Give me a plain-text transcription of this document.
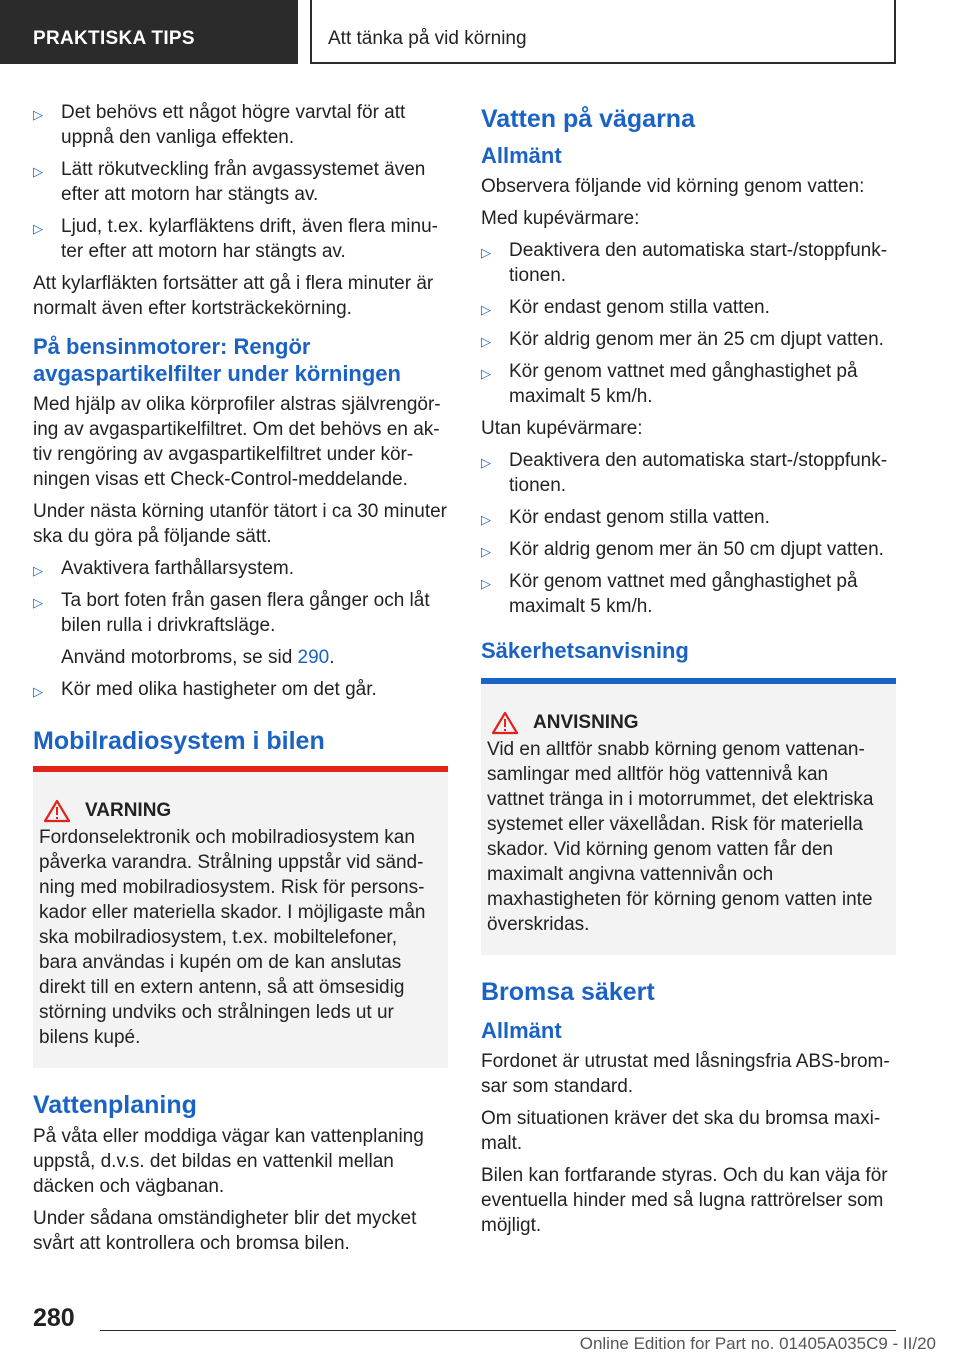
PRAKTISKA TIPS	Att tänka på vid körning
▷ Det behövs ett något högre varvtal för att uppnå den vanliga effekten.
▷ Lätt rökutveckling från avgassystemet även efter att motorn har stängts av.
▷ Ljud, t.ex. kylarfläktens drift, även flera minuter efter att motorn har stängts av.

Att kylarfläkten fortsätter att gå i flera minuter är normalt även efter kortsträckekörning.

På bensinmotorer: Rengör avgaspartikelfilter under körningen

Med hjälp av olika körprofiler alstras självrengöring av avgaspartikelfiltret. Om det behövs en aktiv rengöring av avgaspartikelfiltret under körningen visas ett Check-Control-meddelande.

Under nästa körning utanför tätort i ca 30 minuter ska du göra på följande sätt.

▷ Avaktivera farthållarsystem.
▷ Ta bort foten från gasen flera gånger och låt bilen rulla i drivkraftsläge.
Använd motorbroms, se sid 290.
▷ Kör med olika hastigheter om det går.
Mobilradiosystem i bilen
VARNING

Fordonselektronik och mobilradiosystem kan påverka varandra. Strålning uppstår vid sändning med mobilradiosystem. Risk för personskador eller materiella skador. I möjligaste mån ska mobilradiosystem, t.ex. mobiltelefoner, bara användas i kupén om de kan anslutas direkt till en extern antenn, så att ömsesidig störning undviks och strålningen leds ut ur bilens kupé.

Vattenplaning

På våta eller moddiga vägar kan vattenplaning uppstå, d.v.s. det bildas en vattenkil mellan däcken och vägbanan.

Under sådana omständigheter blir det mycket svårt att kontrollera och bromsa bilen.

Vatten på vägarna
Allmänt

Observera följande vid körning genom vatten:

Med kupévärmare:

▷ Deaktivera den automatiska start-/stoppfunktionen.
▷ Kör endast genom stilla vatten.
▷ Kör aldrig genom mer än 25 cm djupt vatten.
▷ Kör genom vattnet med gånghastighet på maximalt 5 km/h.

Utan kupévärmare:

▷ Deaktivera den automatiska start-/stoppfunktionen.
▷ Kör endast genom stilla vatten.
▷ Kör aldrig genom mer än 50 cm djupt vatten.
▷ Kör genom vattnet med gånghastighet på maximalt 5 km/h.
Säkerhetsanvisning
ANVISNING

Vid en alltför snabb körning genom vattenansamlingar med alltför hög vattennivå kan vattnet tränga in i motorrummet, det elektriska systemet eller växellådan. Risk för materiella skador. Vid körning genom vatten får den maximalt angivna vattennivån och maxhastigheten för körning genom vatten inte överskridas.

Bromsa säkert
Allmänt

Fordonet är utrustat med låsningsfria ABS-bromsar som standard.

Om situationen kräver det ska du bromsa maximalt.

Bilen kan fortfarande styras. Och du kan väja för eventuella hinder med så lugna rattrörelser som möjligt.

280
Online Edition for Part no. 01405A035C9 - II/20
